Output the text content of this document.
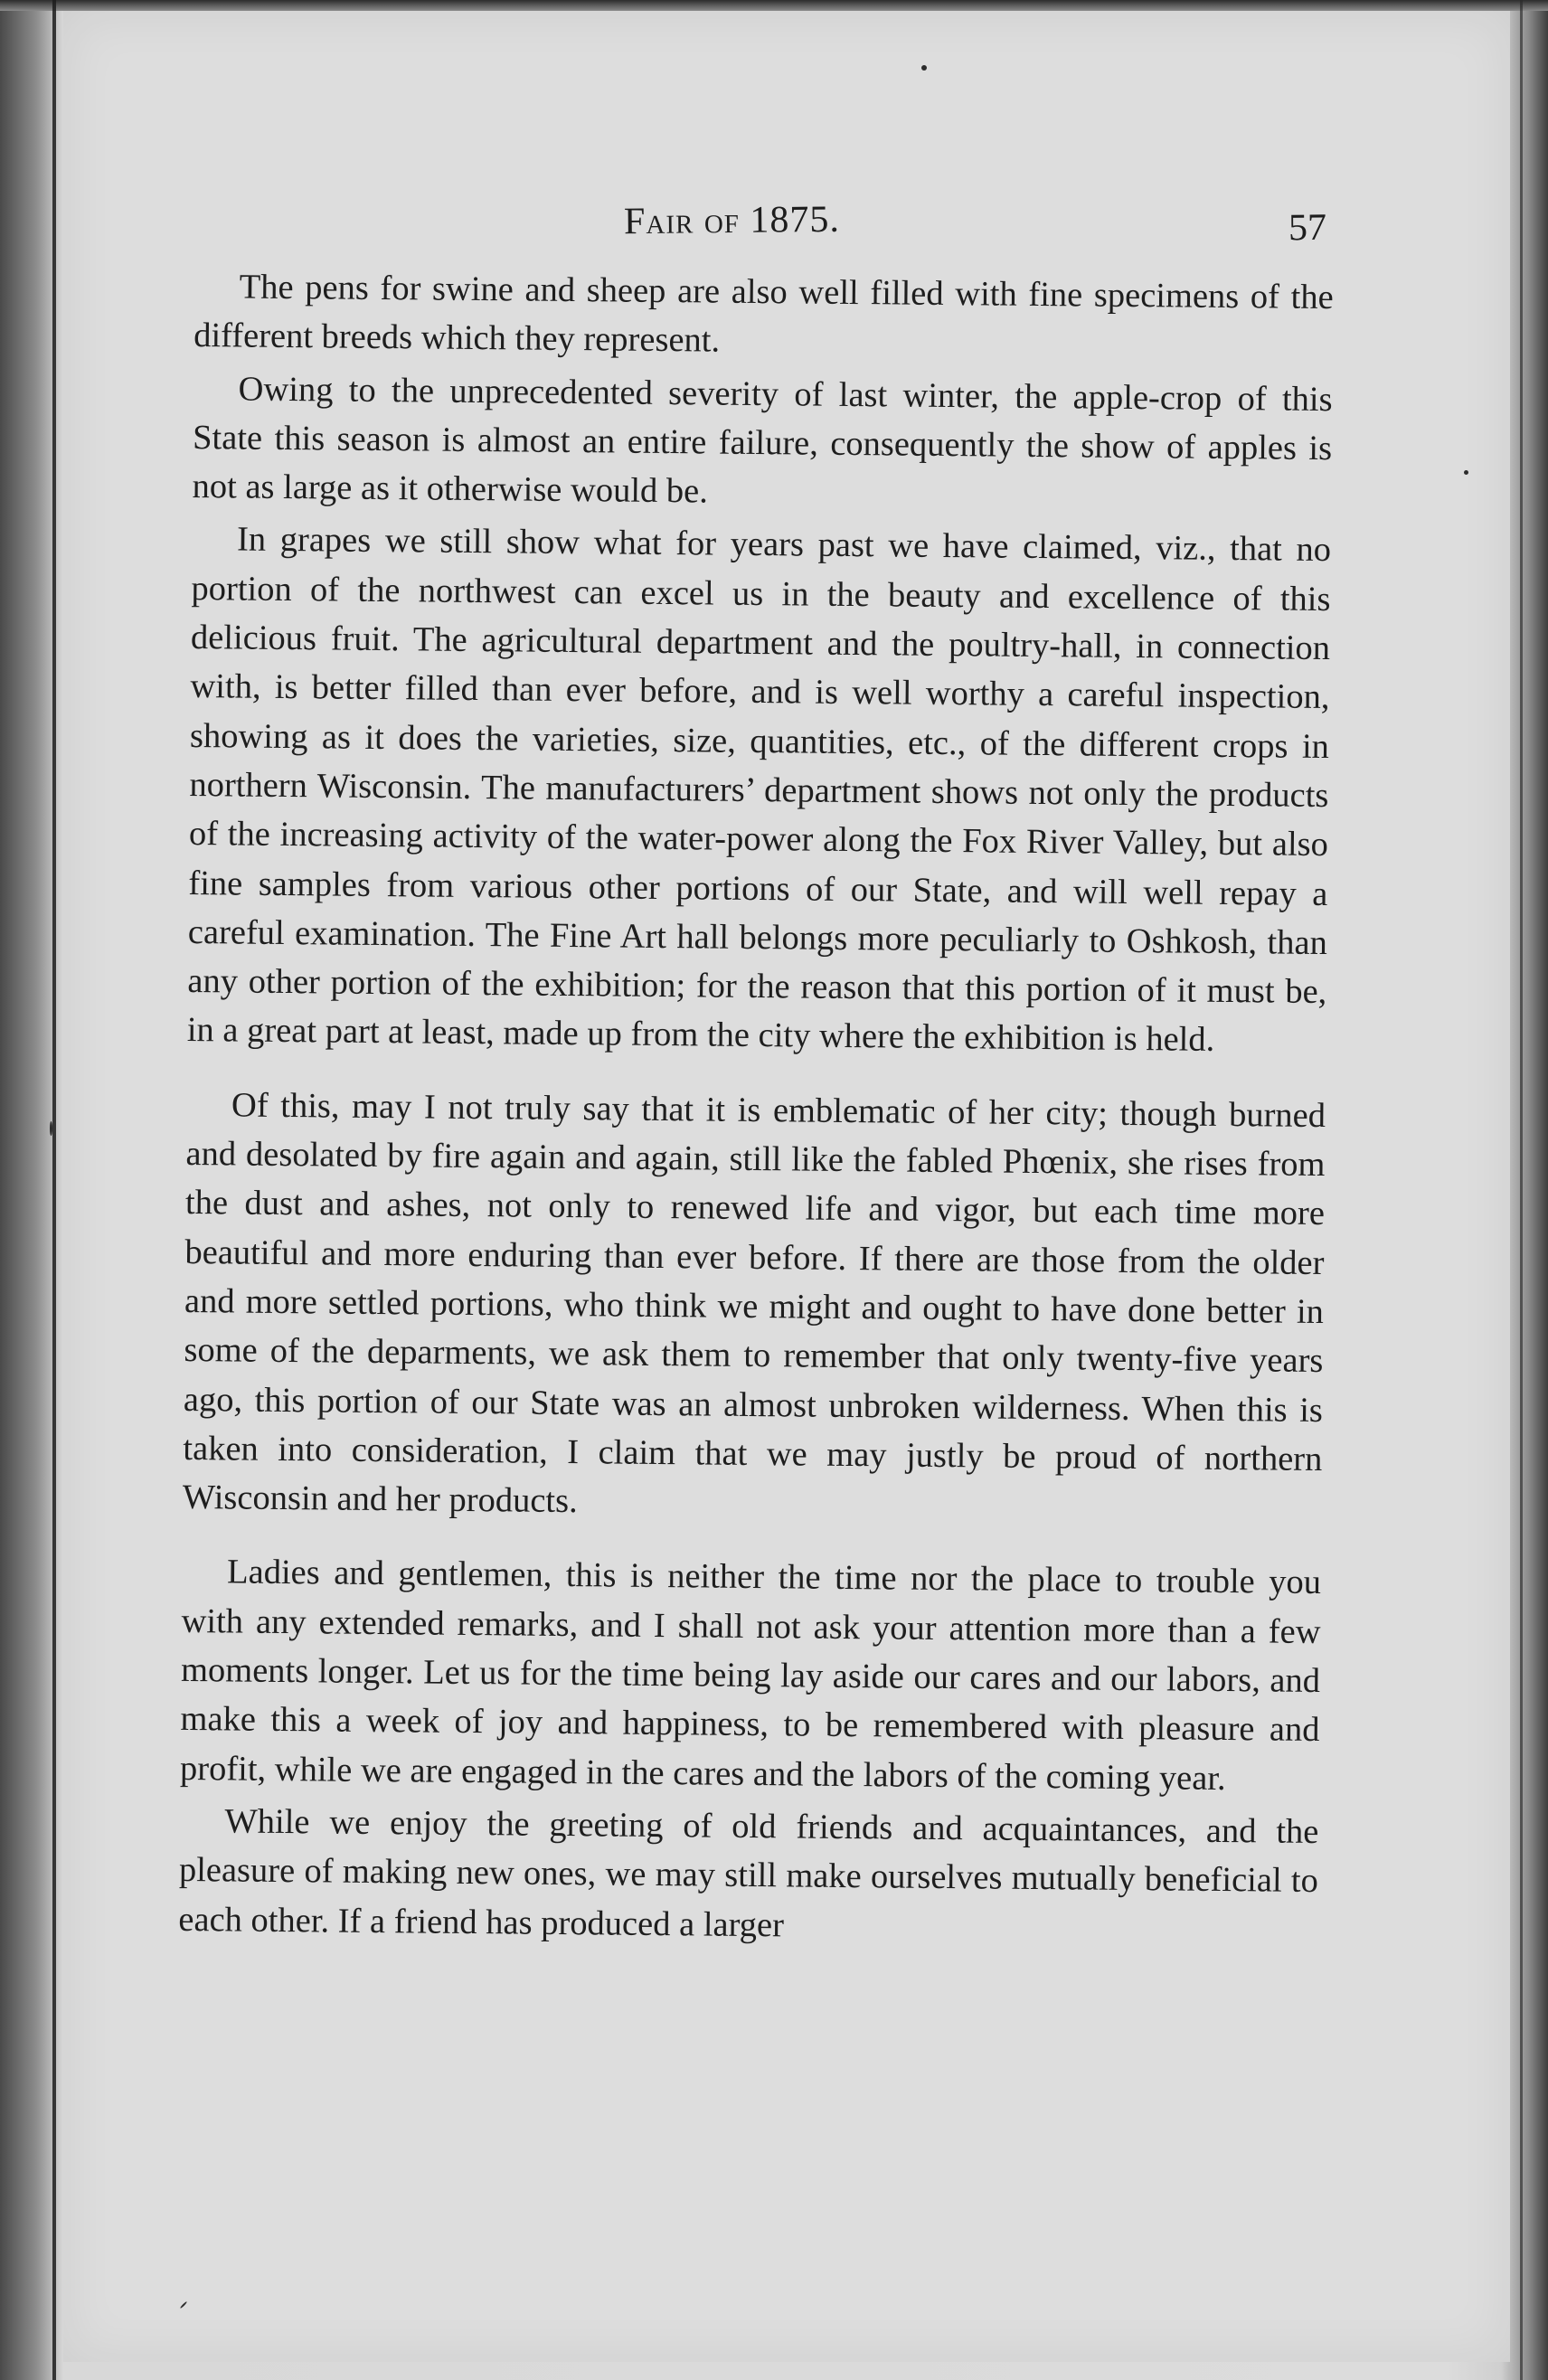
Fair of 1875.	57

The pens for swine and sheep are also well filled with fine specimens of the different breeds which they represent.

Owing to the unprecedented severity of last winter, the apple-crop of this State this season is almost an entire failure, consequently the show of apples is not as large as it otherwise would be.

In grapes we still show what for years past we have claimed, viz., that no portion of the northwest can excel us in the beauty and excellence of this delicious fruit. The agricultural department and the poultry-hall, in connection with, is better filled than ever before, and is well worthy a careful inspection, showing as it does the varieties, size, quantities, etc., of the different crops in northern Wisconsin. The manufacturers’ department shows not only the products of the increasing activity of the water-power along the Fox River Valley, but also fine samples from various other portions of our State, and will well repay a careful examination. The Fine Art hall belongs more peculiarly to Oshkosh, than any other portion of the exhibition; for the reason that this portion of it must be, in a great part at least, made up from the city where the exhibition is held.

Of this, may I not truly say that it is emblematic of her city; though burned and desolated by fire again and again, still like the fabled Phœnix, she rises from the dust and ashes, not only to renewed life and vigor, but each time more beautiful and more enduring than ever before. If there are those from the older and more settled portions, who think we might and ought to have done better in some of the deparments, we ask them to remember that only twenty-five years ago, this portion of our State was an almost unbroken wilderness. When this is taken into consideration, I claim that we may justly be proud of northern Wisconsin and her products.

Ladies and gentlemen, this is neither the time nor the place to trouble you with any extended remarks, and I shall not ask your attention more than a few moments longer. Let us for the time being lay aside our cares and our labors, and make this a week of joy and happiness, to be remembered with pleasure and profit, while we are engaged in the cares and the labors of the coming year.

While we enjoy the greeting of old friends and acquaintances, and the pleasure of making new ones, we may still make ourselves mutually beneficial to each other. If a friend has produced a larger
